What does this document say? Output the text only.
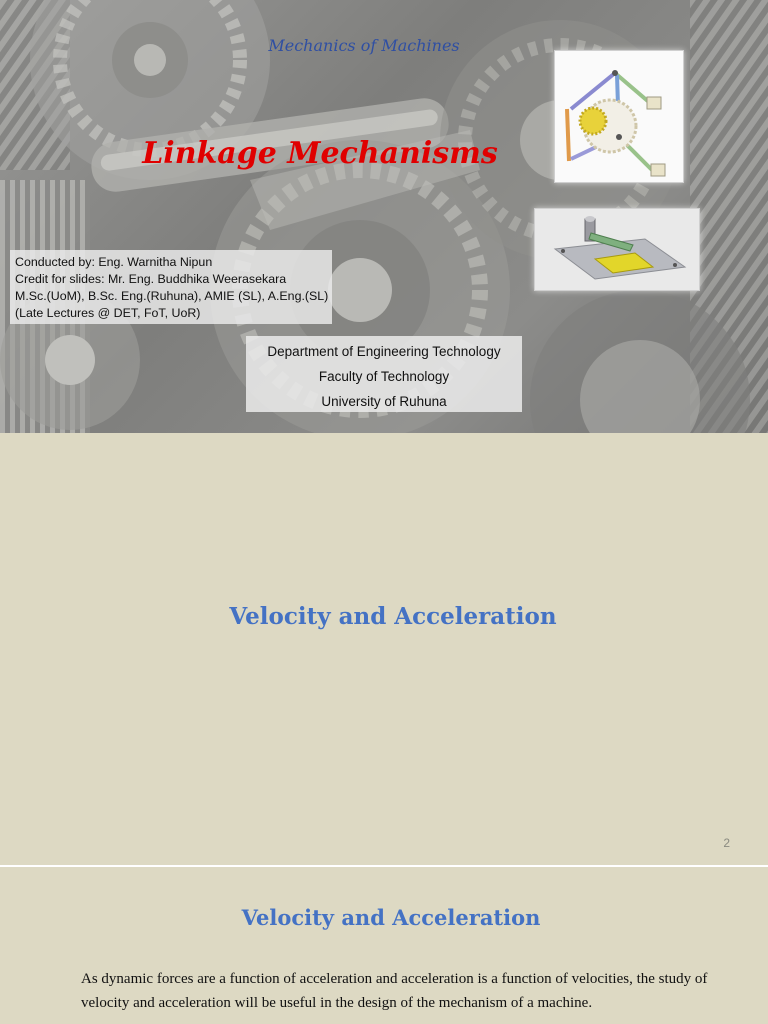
Mechanics of Machines
Linkage Mechanisms
Conducted by: Eng. Warnitha Nipun
Credit for slides: Mr. Eng. Buddhika Weerasekara
M.Sc.(UoM), B.Sc. Eng.(Ruhuna), AMIE (SL), A.Eng.(SL)
(Late Lectures @ DET, FoT, UoR)
Department of Engineering Technology
Faculty of Technology
University of Ruhuna
Velocity and Acceleration
2
Velocity and Acceleration

As dynamic forces are a function of acceleration and acceleration is a function of velocities, the study of velocity and acceleration will be useful in the design of the mechanism of a machine.
